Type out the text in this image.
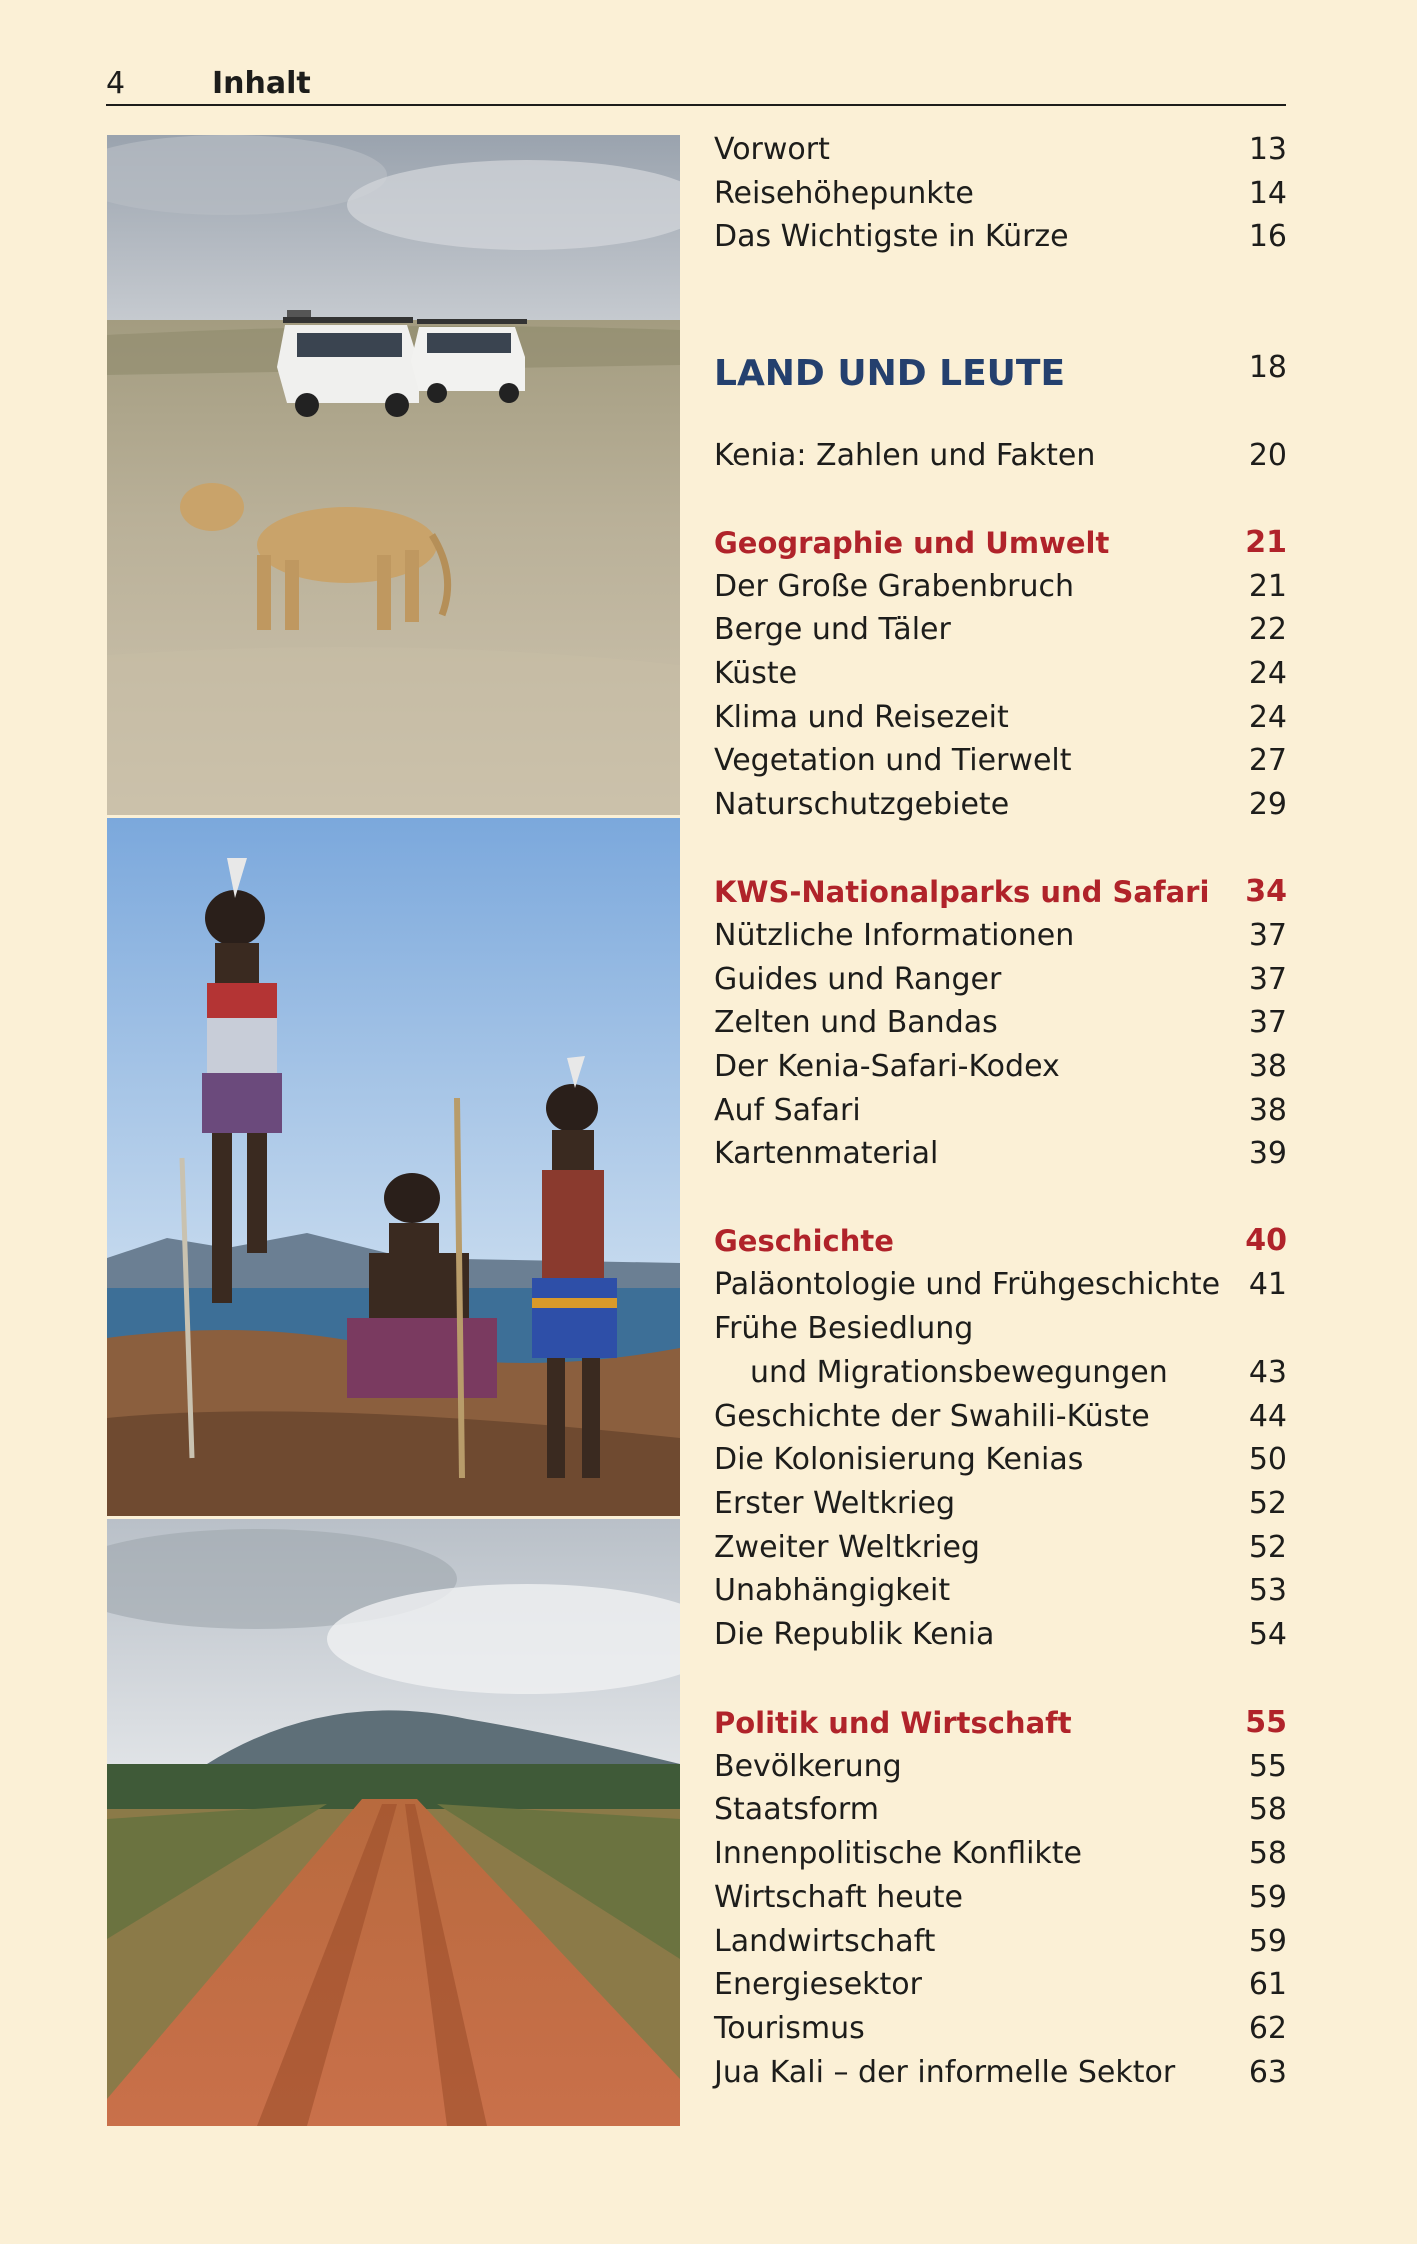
4	Inhalt
Vorwort	13
Reisehöhepunkte	14
Das Wichtigste in Kürze	16
LAND UND LEUTE	18
Kenia: Zahlen und Fakten	20
Geographie und Umwelt	21
Der Große Grabenbruch	21
Berge und Täler	22
Küste	24
Klima und Reisezeit	24
Vegetation und Tierwelt	27
Naturschutzgebiete	29
KWS-Nationalparks und Safari 34
Nützliche Informationen	37
Guides und Ranger	37
Zelten und Bandas	37
Der Kenia-Safari-Kodex	38
Auf Safari	38
Kartenmaterial	39
Geschichte	40
Paläontologie und Frühgeschichte 41
Frühe Besiedlung
und Migrationsbewegungen	43
Geschichte der Swahili-Küste	44
Die Kolonisierung Kenias	50
Erster Weltkrieg	52
Zweiter Weltkrieg	52
Unabhängigkeit	53
Die Republik Kenia	54
Politik und Wirtschaft	55
Bevölkerung	55
Staatsform	58
Innenpolitische Konflikte	58
Wirtschaft heute	59
Landwirtschaft	59
Energiesektor	61
Tourismus	62
Jua Kali – der informelle Sektor 63
